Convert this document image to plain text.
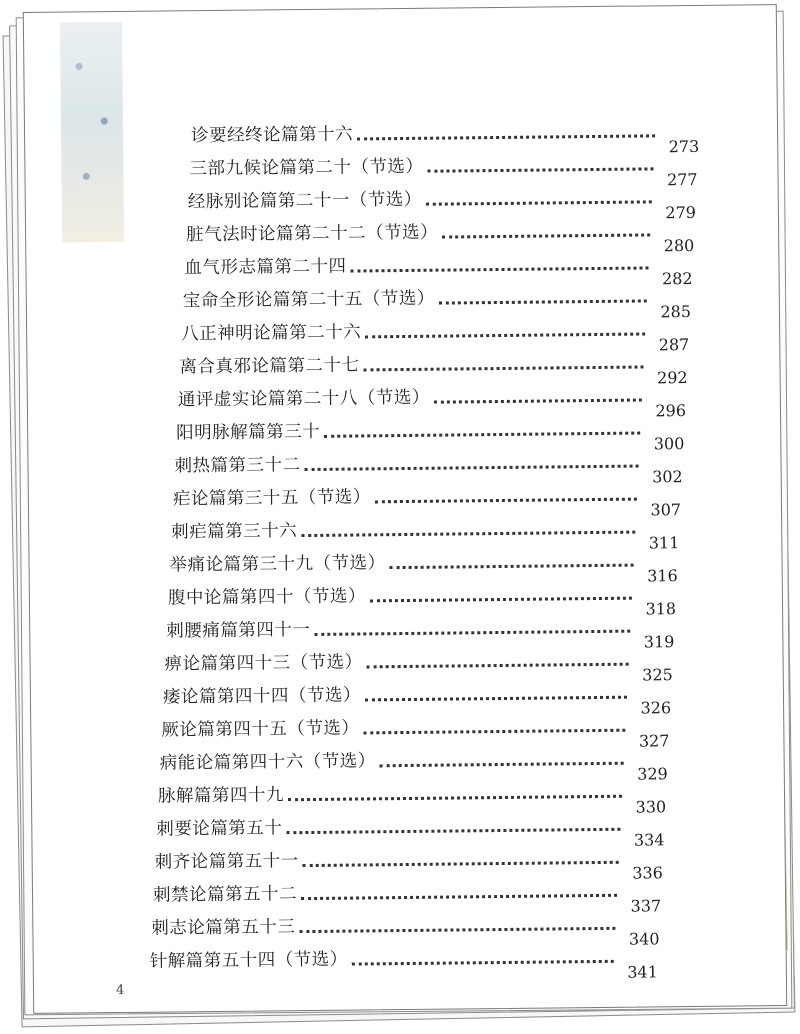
诊要经终论篇第十六
273
三部九候论篇第二十（节选）
277
经脉别论篇第二十一（节选）
279
脏气法时论篇第二十二（节选）
280
血气形志篇第二十四
282
宝命全形论篇第二十五（节选）
285
八正神明论篇第二十六
287
离合真邪论篇第二十七
292
通评虚实论篇第二十八（节选）
296
阳明脉解篇第三十
300
刺热篇第三十二
302
疟论篇第三十五（节选）
307
刺疟篇第三十六
311
举痛论篇第三十九（节选）
316
腹中论篇第四十（节选）
318
刺腰痛篇第四十一
319
痹论篇第四十三（节选）
325
痿论篇第四十四（节选）
326
厥论篇第四十五（节选）
327
病能论篇第四十六（节选）
329
脉解篇第四十九
330
刺要论篇第五十
334
刺齐论篇第五十一
336
刺禁论篇第五十二
337
刺志论篇第五十三
340
针解篇第五十四（节选）
341
4
